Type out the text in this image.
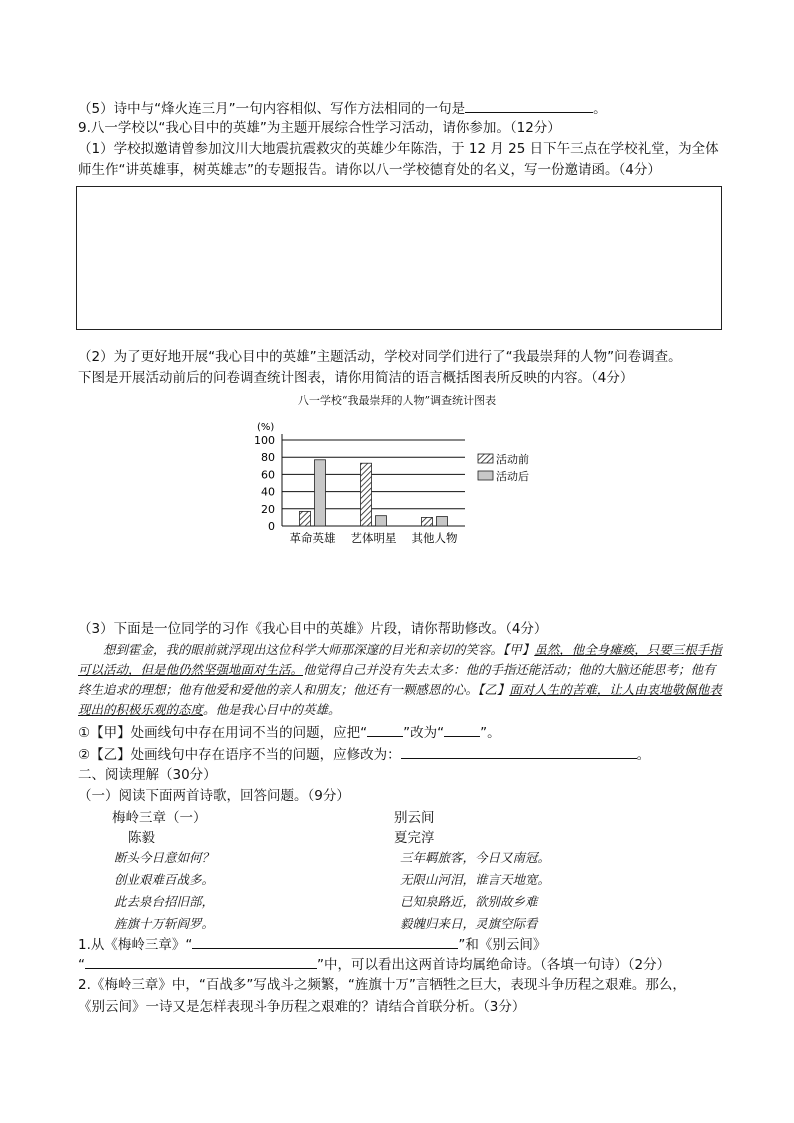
（5）诗中与“烽火连三月”一句内容相似、写作方法相同的一句是	。
9.八一学校以“我心目中的英雄”为主题开展综合性学习活动，请你参加。（12分）
（1）学校拟邀请曾参加汶川大地震抗震救灾的英雄少年陈浩，于 12 月 25 日下午三点在学校礼堂，为全体
师生作“讲英雄事，树英雄志”的专题报告。请你以八一学校德育处的名义，写一份邀请函。（4分）
（2）为了更好地开展“我心目中的英雄”主题活动，学校对同学们进行了“我最崇拜的人物”问卷调查。
下图是开展活动前后的问卷调查统计图表，请你用简洁的语言概括图表所反映的内容。（4分）
八一学校“我最崇拜的人物”调查统计图表
(%)
100
80
60
40
20
0
革命英雄 艺体明星 其他人物
活动前
活动后
（3）下面是一位同学的习作《我心目中的英雄》片段，请你帮助修改。（4分）
想到霍金，我的眼前就浮现出这位科学大师那深邃的目光和亲切的笑容。【甲】虽然，他全身瘫痪，只要三根手指可以活动，但是他仍然坚强地面对生活。他觉得自己并没有失去太多：他的手指还能活动；他的大脑还能思考；他有终生追求的理想；他有他爱和爱他的亲人和朋友；他还有一颗感恩的心。【乙】面对人生的苦难，让人由衷地敬佩他表现出的积极乐观的态度。他是我心目中的英雄。
①【甲】处画线句中存在用词不当的问题，应把“	”改为“	”。
②【乙】处画线句中存在语序不当的问题，应修改为：	。
二、阅读理解（30分）
（一）阅读下面两首诗歌，回答问题。（9分）
梅岭三章（一）
陈毅
断头今日意如何？
创业艰难百战多。
此去泉台招旧部，
旌旗十万斩阎罗。
别云间
夏完淳
三年羁旅客，今日又南冠。
无限山河泪，谁言天地宽。
已知泉路近，欲别故乡难
毅魄归来日，灵旗空际看
1.从《梅岭三章》“	”和《别云间》
“	”中，可以看出这两首诗均属绝命诗。（各填一句诗）（2分）
2.《梅岭三章》中，“百战多”写战斗之频繁，“旌旗十万”言牺牲之巨大，表现斗争历程之艰难。那么，
《别云间》一诗又是怎样表现斗争历程之艰难的？请结合首联分析。（3分）
